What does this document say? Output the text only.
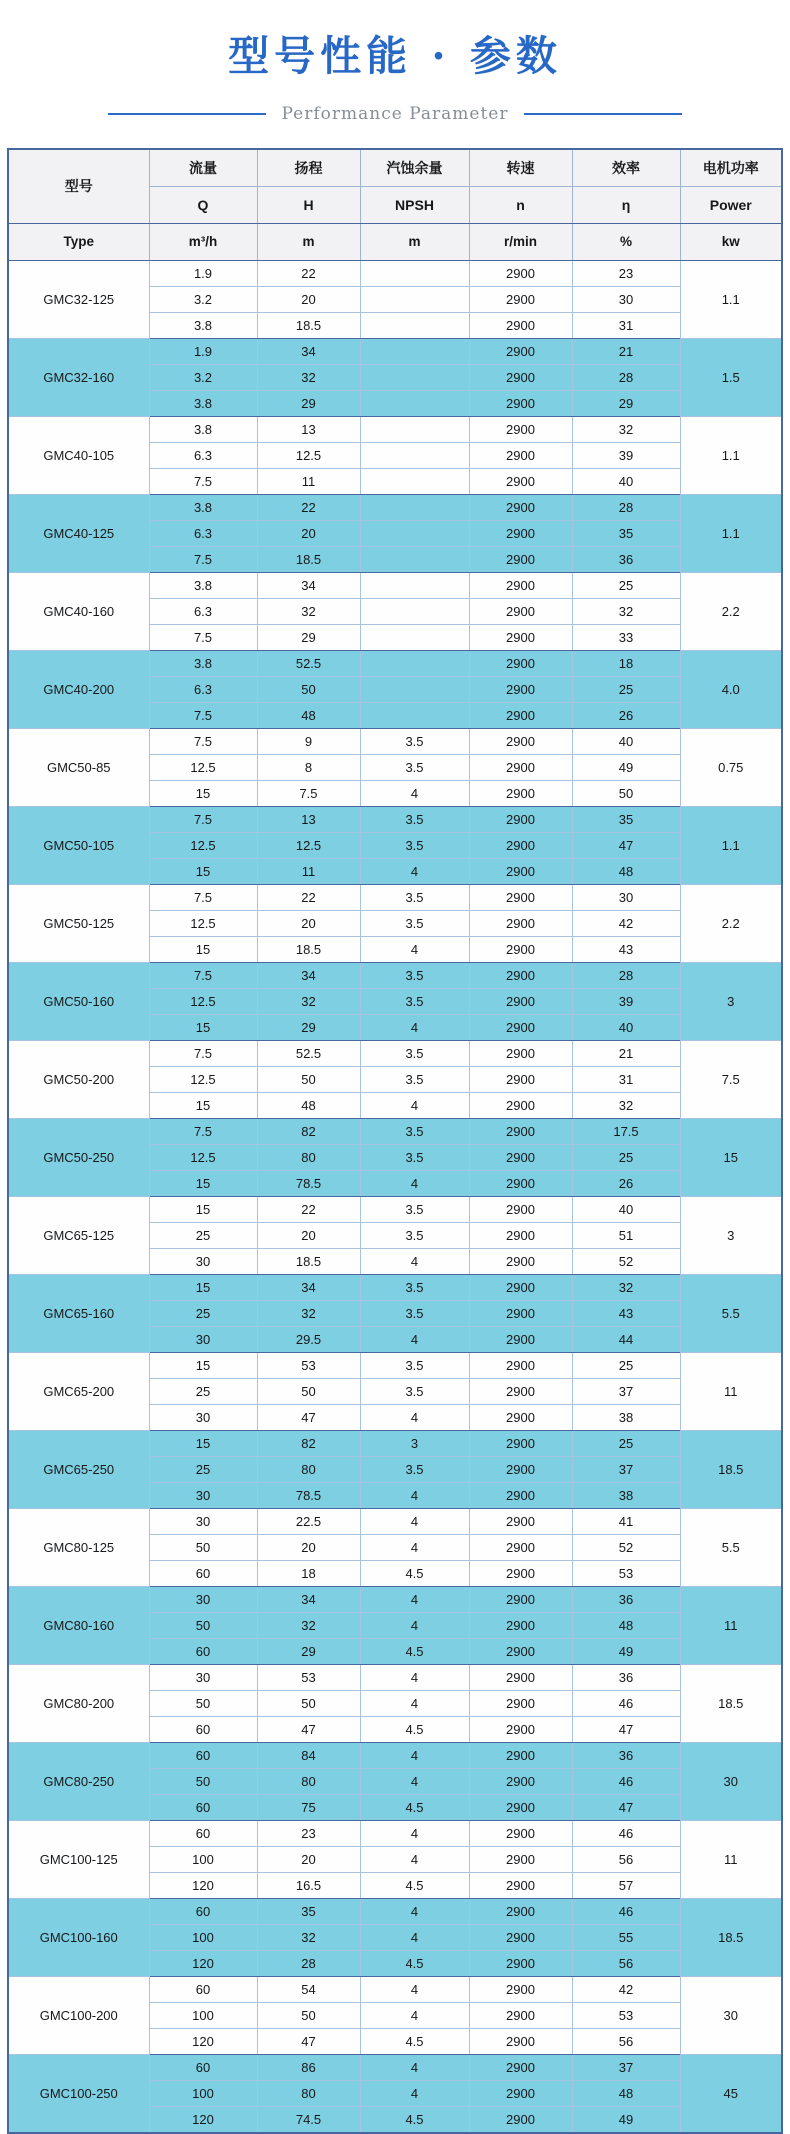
型号性能 · 参数
Performance Parameter
型号	流量	扬程	汽蚀余量	转速	效率	电机功率
	Q	H	NPSH	n	η	Power
Type	m³/h	m	m	r/min	%	kw
GMC32-125	1.9	22		2900	23	1.1
	3.2	20		2900	30	
	3.8	18.5		2900	31	
GMC32-160	1.9	34		2900	21	1.5
	3.2	32		2900	28	
	3.8	29		2900	29	
GMC40-105	3.8	13		2900	32	1.1
	6.3	12.5		2900	39	
	7.5	11		2900	40	
GMC40-125	3.8	22		2900	28	1.1
	6.3	20		2900	35	
	7.5	18.5		2900	36	
GMC40-160	3.8	34		2900	25	2.2
	6.3	32		2900	32	
	7.5	29		2900	33	
GMC40-200	3.8	52.5		2900	18	4.0
	6.3	50		2900	25	
	7.5	48		2900	26	
GMC50-85	7.5	9	3.5	2900	40	0.75
	12.5	8	3.5	2900	49	
	15	7.5	4	2900	50	
GMC50-105	7.5	13	3.5	2900	35	1.1
	12.5	12.5	3.5	2900	47	
	15	11	4	2900	48	
GMC50-125	7.5	22	3.5	2900	30	2.2
	12.5	20	3.5	2900	42	
	15	18.5	4	2900	43	
GMC50-160	7.5	34	3.5	2900	28	3
	12.5	32	3.5	2900	39	
	15	29	4	2900	40	
GMC50-200	7.5	52.5	3.5	2900	21	7.5
	12.5	50	3.5	2900	31	
	15	48	4	2900	32	
GMC50-250	7.5	82	3.5	2900	17.5	15
	12.5	80	3.5	2900	25	
	15	78.5	4	2900	26	
GMC65-125	15	22	3.5	2900	40	3
	25	20	3.5	2900	51	
	30	18.5	4	2900	52	
GMC65-160	15	34	3.5	2900	32	5.5
	25	32	3.5	2900	43	
	30	29.5	4	2900	44	
GMC65-200	15	53	3.5	2900	25	11
	25	50	3.5	2900	37	
	30	47	4	2900	38	
GMC65-250	15	82	3	2900	25	18.5
	25	80	3.5	2900	37	
	30	78.5	4	2900	38	
GMC80-125	30	22.5	4	2900	41	5.5
	50	20	4	2900	52	
	60	18	4.5	2900	53	
GMC80-160	30	34	4	2900	36	11
	50	32	4	2900	48	
	60	29	4.5	2900	49	
GMC80-200	30	53	4	2900	36	18.5
	50	50	4	2900	46	
	60	47	4.5	2900	47	
GMC80-250	60	84	4	2900	36	30
	50	80	4	2900	46	
	60	75	4.5	2900	47	
GMC100-125	60	23	4	2900	46	11
	100	20	4	2900	56	
	120	16.5	4.5	2900	57	
GMC100-160	60	35	4	2900	46	18.5
	100	32	4	2900	55	
	120	28	4.5	2900	56	
GMC100-200	60	54	4	2900	42	30
	100	50	4	2900	53	
	120	47	4.5	2900	56	
GMC100-250	60	86	4	2900	37	45
	100	80	4	2900	48	
	120	74.5	4.5	2900	49	
